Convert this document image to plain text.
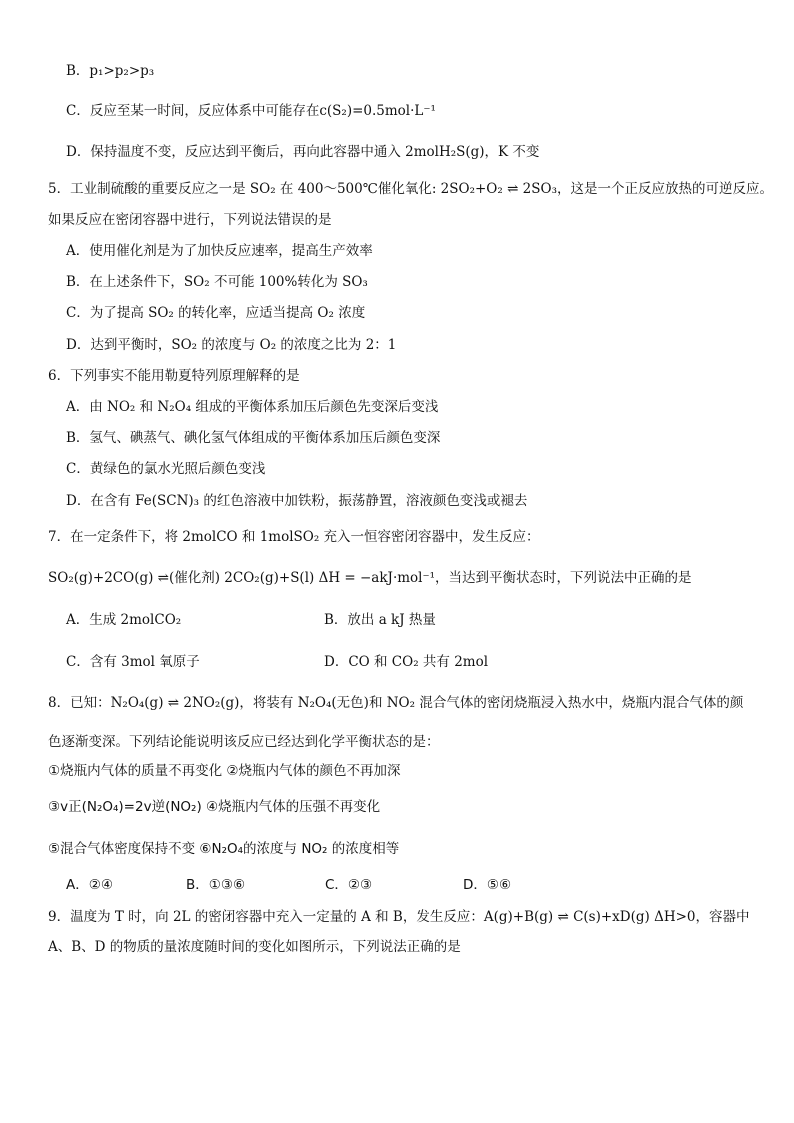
B．p₁>p₂>p₃
C．反应至某一时间，反应体系中可能存在c(S₂)=0.5mol·L⁻¹
D．保持温度不变，反应达到平衡后，再向此容器中通入 2molH₂S(g)，K 不变
5．工业制硫酸的重要反应之一是 SO₂ 在 400～500℃催化氧化: 2SO₂+O₂ ⇌ 2SO₃，这是一个正反应放热的可逆反应。
如果反应在密闭容器中进行，下列说法错误的是
A．使用催化剂是为了加快反应速率，提高生产效率
B．在上述条件下，SO₂ 不可能 100%转化为 SO₃
C．为了提高 SO₂ 的转化率，应适当提高 O₂ 浓度
D．达到平衡时，SO₂ 的浓度与 O₂ 的浓度之比为 2：1
6．下列事实不能用勒夏特列原理解释的是
A．由 NO₂ 和 N₂O₄ 组成的平衡体系加压后颜色先变深后变浅
B．氢气、碘蒸气、碘化氢气体组成的平衡体系加压后颜色变深
C．黄绿色的氯水光照后颜色变浅
D．在含有 Fe(SCN)₃ 的红色溶液中加铁粉，振荡静置，溶液颜色变浅或褪去
7．在一定条件下，将 2molCO 和 1molSO₂ 充入一恒容密闭容器中，发生反应：
SO₂(g)+2CO(g) ⇌(催化剂) 2CO₂(g)+S(l) ΔH = −akJ·mol⁻¹，当达到平衡状态时，下列说法中正确的是
A．生成 2molCO₂	B．放出 a kJ 热量
C．含有 3mol 氧原子	D．CO 和 CO₂ 共有 2mol
8．已知：N₂O₄(g) ⇌ 2NO₂(g)，将装有 N₂O₄(无色)和 NO₂ 混合气体的密闭烧瓶浸入热水中，烧瓶内混合气体的颜
色逐渐变深。下列结论能说明该反应已经达到化学平衡状态的是：
①烧瓶内气体的质量不再变化 ②烧瓶内气体的颜色不再加深
③v正(N₂O₄)=2v逆(NO₂) ④烧瓶内气体的压强不再变化
⑤混合气体密度保持不变 ⑥N₂O₄的浓度与 NO₂ 的浓度相等
A．②④	B．①③⑥	C．②③	D．⑤⑥
9．温度为 T 时，向 2L 的密闭容器中充入一定量的 A 和 B，发生反应：A(g)+B(g) ⇌ C(s)+xD(g) ΔH>0，容器中
A、B、D 的物质的量浓度随时间的变化如图所示，下列说法正确的是
